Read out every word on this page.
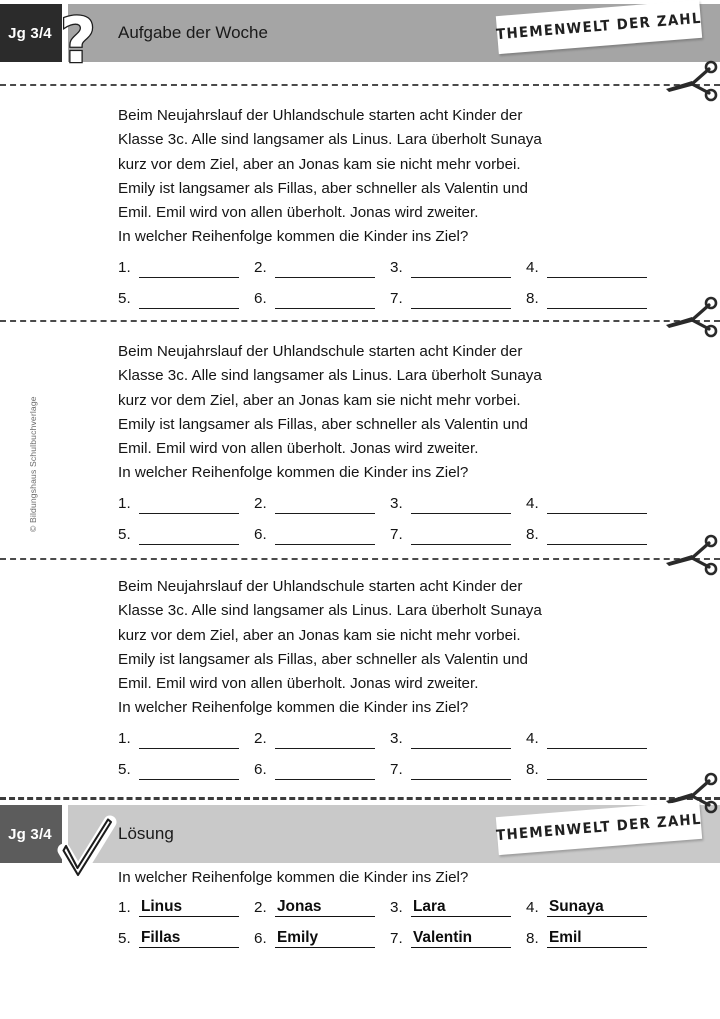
Jg 3/4	Aufgabe der Woche
?	THEMENWELT DER ZAHL
Beim Neujahrslauf der Uhlandschule starten acht Kinder der
Klasse 3c. Alle sind langsamer als Linus. Lara überholt Sunaya
kurz vor dem Ziel, aber an Jonas kam sie nicht mehr vorbei.
Emily ist langsamer als Fillas, aber schneller als Valentin und
Emil. Emil wird von allen überholt. Jonas wird zweiter.
In welcher Reihenfolge kommen die Kinder ins Ziel?
1.	2.	3.	4.
5.	6.	7.	8.
Beim Neujahrslauf der Uhlandschule starten acht Kinder der
Klasse 3c. Alle sind langsamer als Linus. Lara überholt Sunaya
kurz vor dem Ziel, aber an Jonas kam sie nicht mehr vorbei.
Emily ist langsamer als Fillas, aber schneller als Valentin und
Emil. Emil wird von allen überholt. Jonas wird zweiter.
In welcher Reihenfolge kommen die Kinder ins Ziel?
1.	2.	3.	4.
5.	6.	7.	8.
Beim Neujahrslauf der Uhlandschule starten acht Kinder der
Klasse 3c. Alle sind langsamer als Linus. Lara überholt Sunaya
kurz vor dem Ziel, aber an Jonas kam sie nicht mehr vorbei.
Emily ist langsamer als Fillas, aber schneller als Valentin und
Emil. Emil wird von allen überholt. Jonas wird zweiter.
In welcher Reihenfolge kommen die Kinder ins Ziel?
1.	2.	3.	4.
5.	6.	7.	8.
Jg 3/4	Lösung	THEMENWELT DER ZAHL
In welcher Reihenfolge kommen die Kinder ins Ziel?
1. Linus	2. Jonas	3. Lara	4. Sunaya
5. Fillas	6. Emily	7. Valentin	8. Emil
© Bildungshaus Schulbuchverlage
